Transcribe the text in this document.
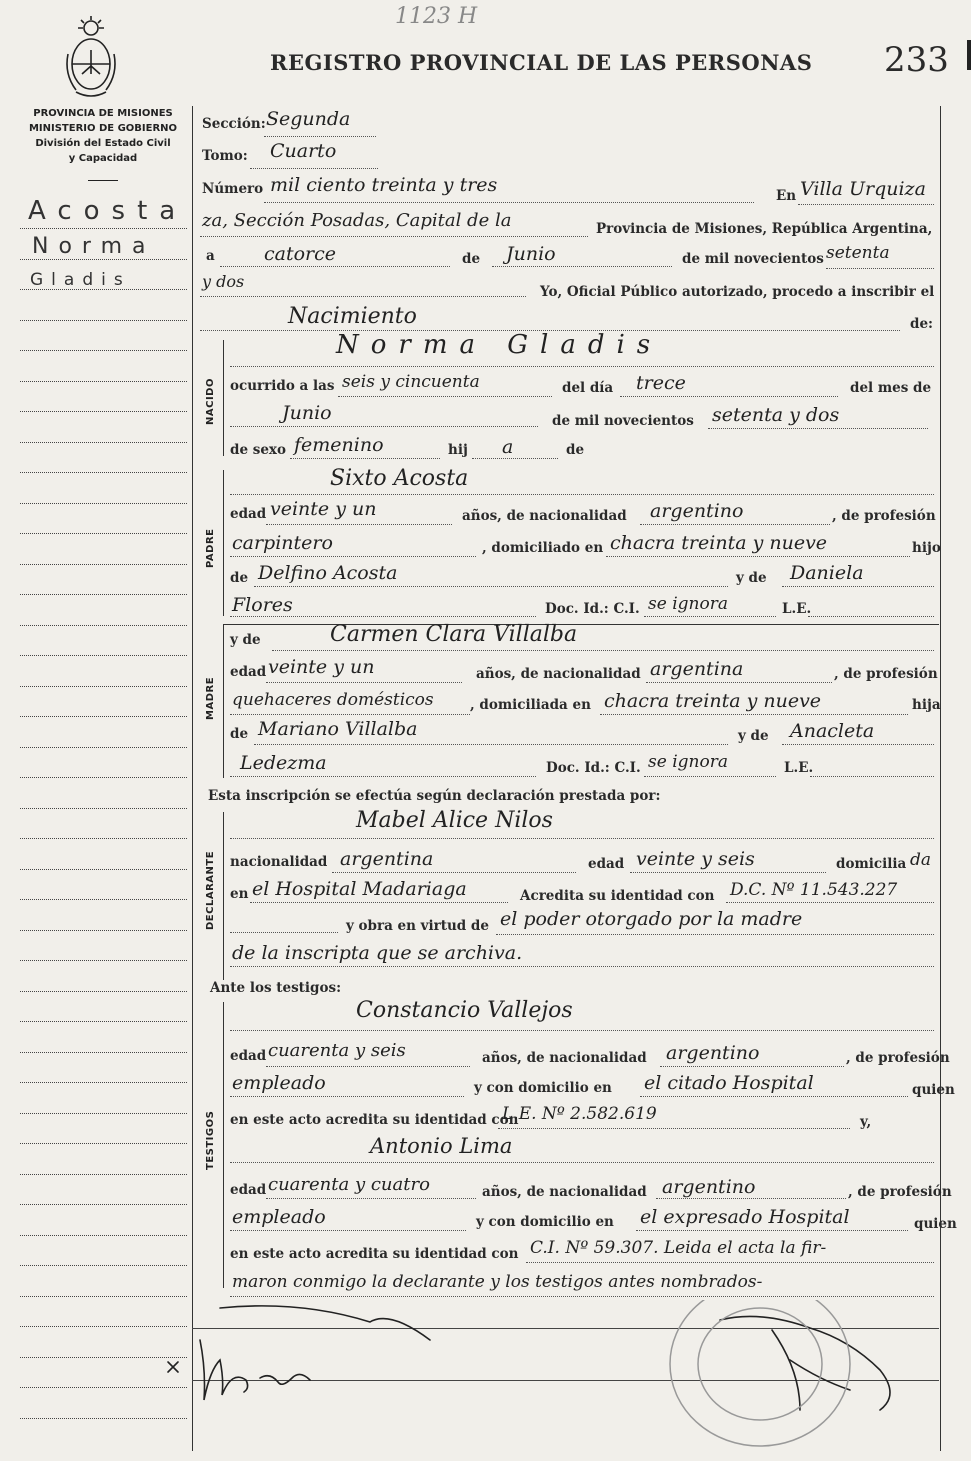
1123 H
REGISTRO PROVINCIAL DE LAS PERSONAS 233
PROVINCIA DE MISIONES
MINISTERIO DE GOBIERNO
División del Estado Civil
y Capacidad
Acosta
Norma
Gladis
Sección: Segunda
Tomo: Cuarto
Número mil ciento treinta y tres	En Villa Urquiza
za, Sección Posadas, Capital de la	Provincia de Misiones, República Argentina,
a	catorce	de Junio	de mil novecientos setenta
y dos
Yo, Oficial Público autorizado, procedo a inscribir el
Nacimiento	de:
NACIDO
Norma Gladis
ocurrido a las seis y cincuenta	del día trece	del mes de
Junio	de mil novecientos setenta y dos
de sexo femenino	hij a	de
PADRE
Sixto Acosta
edad veinte y un	años, de nacionalidad argentino	, de profesión
carpintero	, domiciliado en chacra treinta y nueve	hijo
de Delfino Acosta	y de Daniela
Flores	Doc. Id.: C.I. se ignora	L.E.
MADRE
y de	Carmen Clara Villalba
edad veinte y un	años, de nacionalidad argentina	, de profesión
quehaceres domésticos	, domiciliada en chacra treinta y nueve	hija
de Mariano Villalba	y de Anacleta
Ledezma	Doc. Id.: C.I. se ignora	L.E.
Esta inscripción se efectúa según declaración prestada por:
DECLARANTE
Mabel Alice Nilos
nacionalidad argentina	edad veinte y seis	domicilia da
en el Hospital Madariaga	Acredita su identidad con D.C. Nº 11.543.227
y obra en virtud de el poder otorgado por la madre
de la inscripta que se archiva.
Ante los testigos:
TESTIGOS
Constancio Vallejos
edad cuarenta y seis	años, de nacionalidad argentino	, de profesión
empleado	y con domicilio en el citado Hospital	quien
en este acto acredita su identidad con
L.E. Nº 2.582.619	y,
Antonio Lima
edad cuarenta y cuatro	años, de nacionalidad argentino	, de profesión
empleado	y con domicilio en el expresado Hospital	quien
en este acto acredita su identidad con C.I. Nº 59.307. Leida el acta la fir-
maron conmigo la declarante y los testigos antes nombrados-
